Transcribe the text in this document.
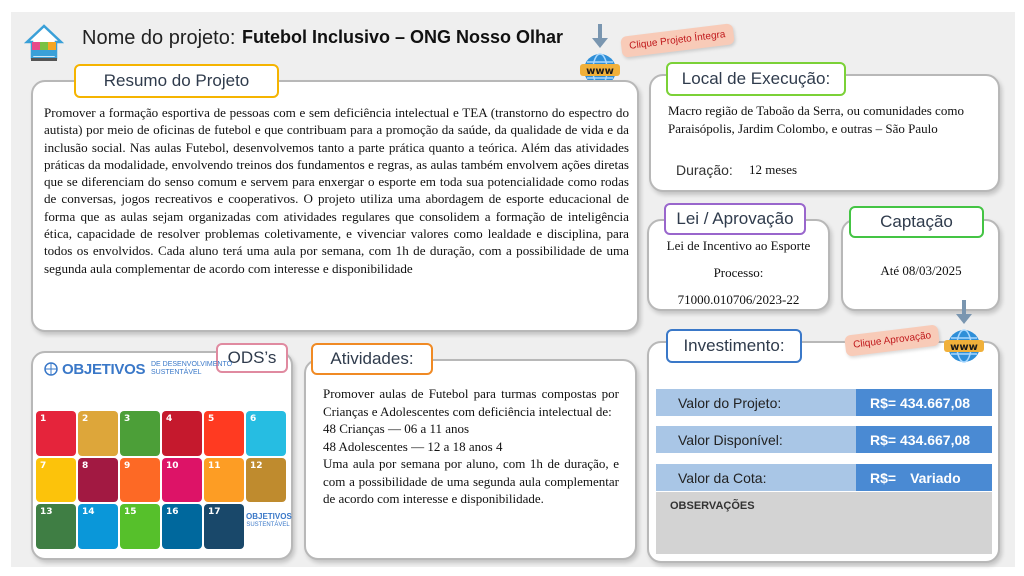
Nome do projeto: Futebol Inclusivo – ONG Nosso Olhar
www
Clique Projeto Íntegra
Resumo do Projeto
Promover a formação esportiva de pessoas com e sem deficiência intelectual e TEA (transtorno do espectro do autista) por meio de oficinas de futebol e que contribuam para a promoção da saúde, da qualidade de vida e da inclusão social. Nas aulas Futebol, desenvolvemos tanto a parte prática quanto a teórica. Além das atividades práticas da modalidade, envolvendo treinos dos fundamentos e regras, as aulas também envolvem ações diretas que se diferenciam do senso comum e servem para enxergar o esporte em toda sua potencialidade como rodas de conversas, jogos recreativos e cooperativos. O projeto utiliza uma abordagem de esporte educacional de forma que as aulas sejam organizadas com atividades regulares que consolidem a formação de inteligência ética, capacidade de resolver problemas coletivamente, e vivenciar valores como lealdade e disciplina, para todos os envolvidos. Cada aluno terá uma aula por semana, com 1h de duração, com a possibilidade de uma segunda aula complementar de acordo com interesse e disponibilidade
Local de Execução:
Macro região de Taboão da Serra, ou comunidades como Paraisópolis, Jardim Colombo, e outras – São Paulo
Duração: 12 meses
Lei / Aprovação
Lei de Incentivo ao Esporte
Processo:
71000.010706/2023-22
Captação
Até 08/03/2025
ODS’s
OBJETIVOS DE DESENVOLVIMENTO
SUSTENTÁVEL
1	2	3	4	5	6
7	8	9	10	11	12
13	14	15	16	17	OBJETIVOS
SUSTENTÁVEL
Atividades:
Promover aulas de Futebol para turmas compostas por Crianças e Adolescentes com deficiência intelectual de:
48 Crianças — 06 a 11 anos
48 Adolescentes — 12 a 18 anos 4
Uma aula por semana por aluno, com 1h de duração, e com a possibilidade de uma segunda aula complementar de acordo com interesse e disponibilidade.
Investimento:	Clique Aprovação	www
Valor do Projeto:	R$= 434.667,08
Valor Disponível:	R$= 434.667,08
Valor da Cota:	R$= Variado
OBSERVAÇÕES
